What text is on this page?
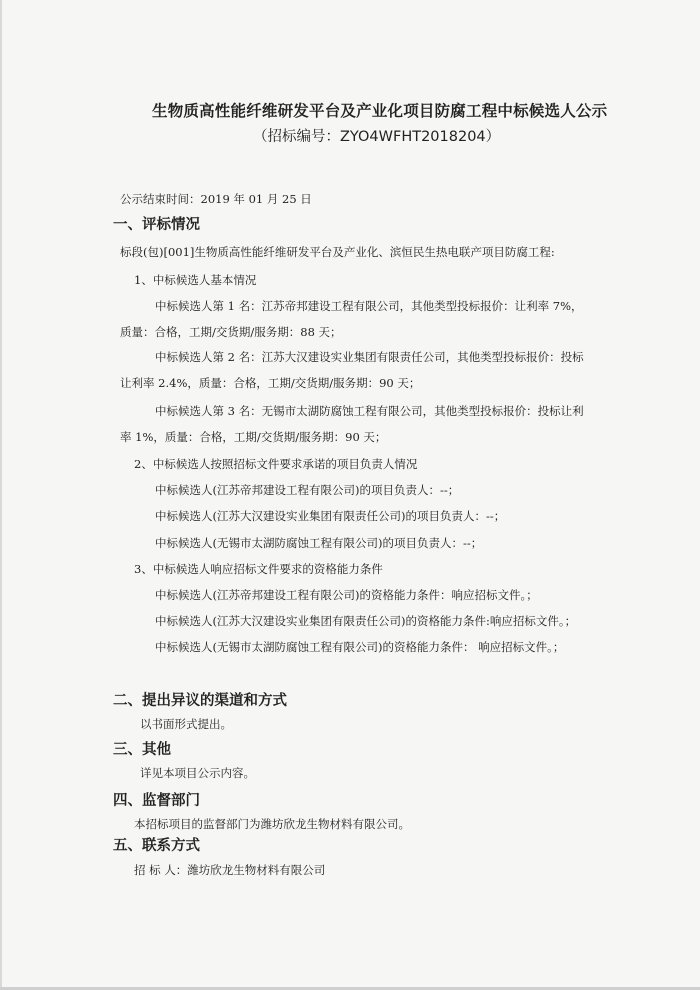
生物质高性能纤维研发平台及产业化项目防腐工程中标候选人公示
（招标编号：ZYO4WFHT2018204）
公示结束时间：2019 年 01 月 25 日
一、评标情况
标段(包)[001]生物质高性能纤维研发平台及产业化、滨恒民生热电联产项目防腐工程:
1、中标候选人基本情况
中标候选人第 1 名：江苏帝邦建设工程有限公司，其他类型投标报价：让利率 7%，
质量：合格，工期/交货期/服务期：88 天；
中标候选人第 2 名：江苏大汉建设实业集团有限责任公司，其他类型投标报价：投标
让利率 2.4%，质量：合格，工期/交货期/服务期：90 天；
中标候选人第 3 名：无锡市太湖防腐蚀工程有限公司，其他类型投标报价：投标让利
率 1%，质量：合格，工期/交货期/服务期：90 天；
2、中标候选人按照招标文件要求承诺的项目负责人情况
中标候选人(江苏帝邦建设工程有限公司)的项目负责人：--；
中标候选人(江苏大汉建设实业集团有限责任公司)的项目负责人：--；
中标候选人(无锡市太湖防腐蚀工程有限公司)的项目负责人：--；
3、中标候选人响应招标文件要求的资格能力条件
中标候选人(江苏帝邦建设工程有限公司)的资格能力条件：响应招标文件。；
中标候选人(江苏大汉建设实业集团有限责任公司)的资格能力条件:响应招标文件。；
中标候选人(无锡市太湖防腐蚀工程有限公司)的资格能力条件： 响应招标文件。；
二、提出异议的渠道和方式
以书面形式提出。
三、其他
详见本项目公示内容。
四、监督部门
本招标项目的监督部门为潍坊欣龙生物材料有限公司。
五、联系方式
招 标 人：潍坊欣龙生物材料有限公司
